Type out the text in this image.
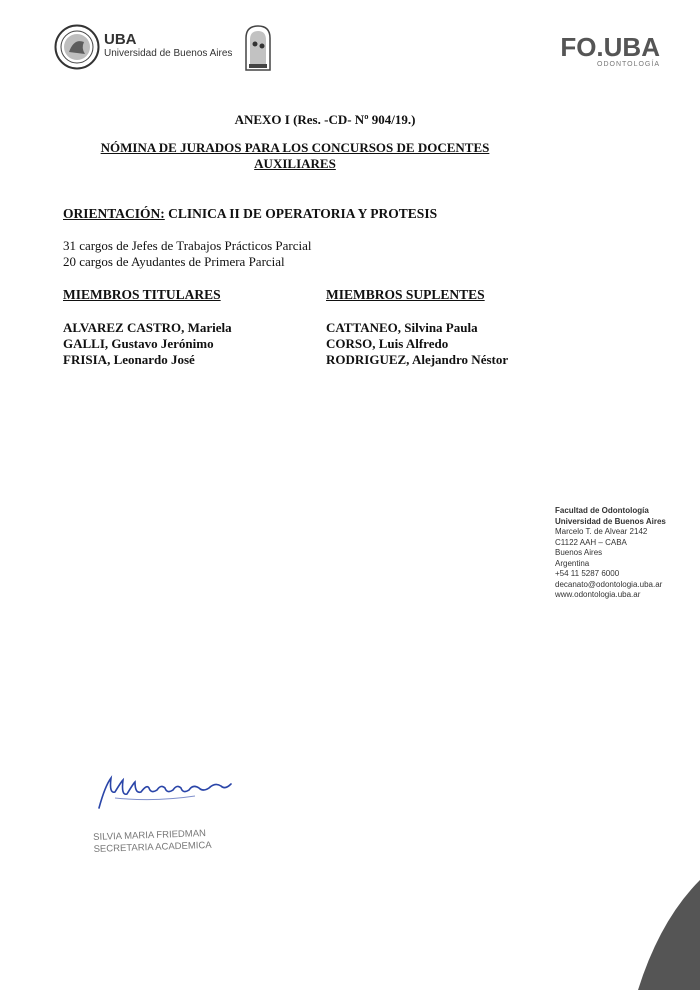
UBA
Universidad de Buenos Aires	FO.UBA
ODONTOLOGÍA
ANEXO I (Res. -CD- Nº 904/19.)
NÓMINA DE JURADOS PARA LOS CONCURSOS DE DOCENTES
AUXILIARES
ORIENTACIÓN: CLINICA II DE OPERATORIA Y PROTESIS
31 cargos de Jefes de Trabajos Prácticos Parcial
20 cargos de Ayudantes de Primera Parcial
MIEMBROS TITULARES	MIEMBROS SUPLENTES
ALVAREZ CASTRO, Mariela
GALLI, Gustavo Jerónimo
FRISIA, Leonardo José
CATTANEO, Silvina Paula
CORSO, Luis Alfredo
RODRIGUEZ, Alejandro Néstor
Facultad de Odontología
Universidad de Buenos Aires
Marcelo T. de Alvear 2142
C1122 AAH – CABA
Buenos Aires
Argentina
+54 11 5287 6000
decanato@odontologia.uba.ar
www.odontologia.uba.ar
SILVIA MARIA FRIEDMAN
SECRETARIA ACADEMICA
